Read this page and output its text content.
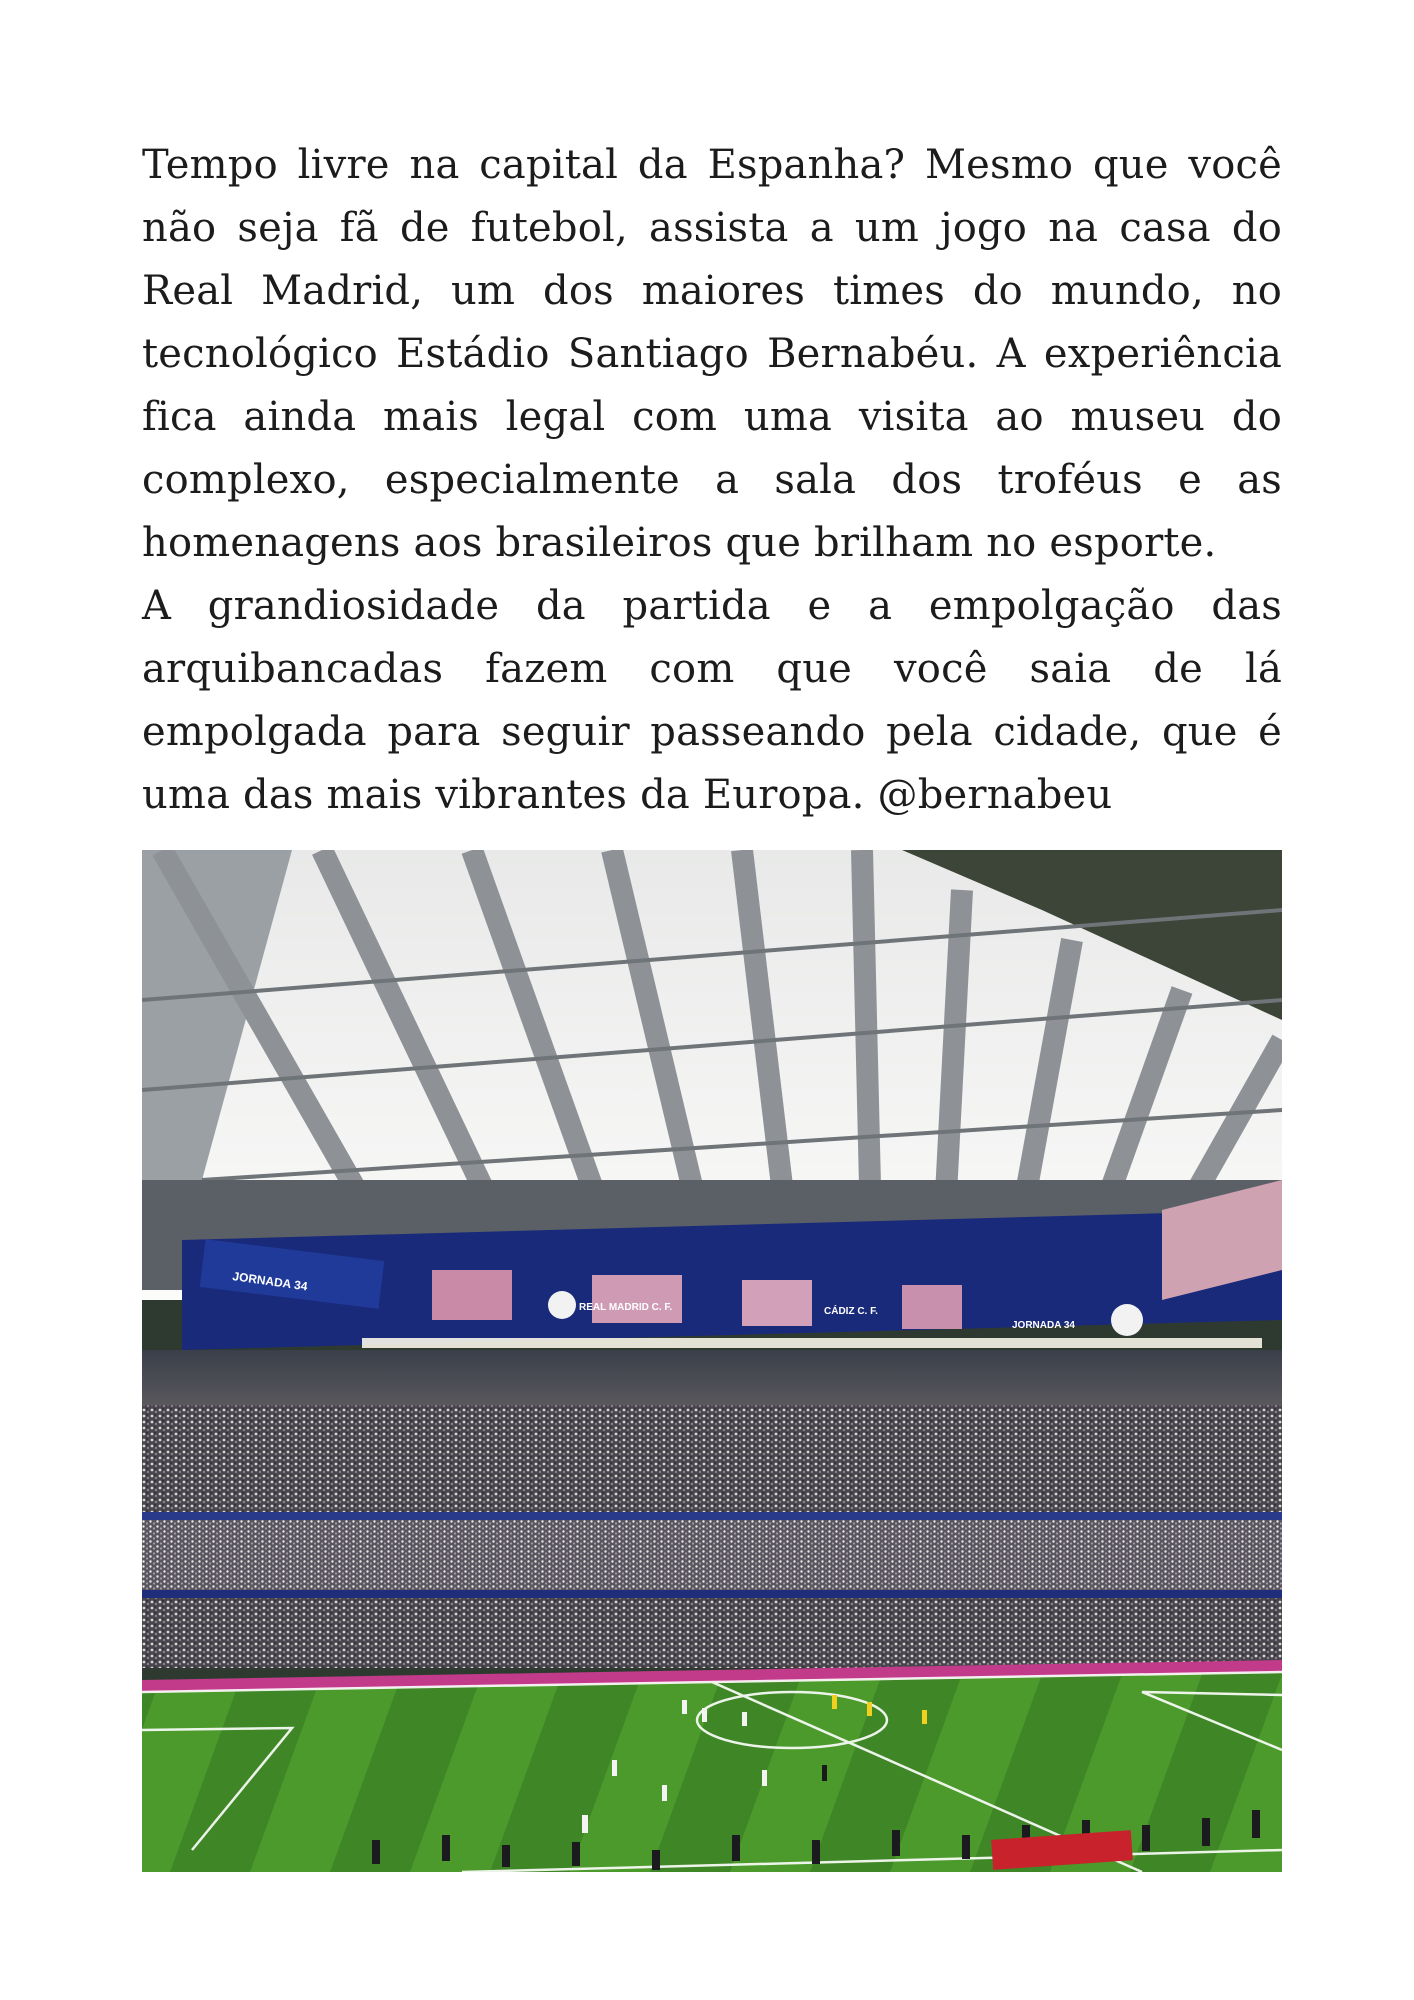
Tempo livre na capital da Espanha? Mesmo que você não seja fã de futebol, assista a um jogo na casa do Real Madrid, um dos maiores times do mundo, no tecnológico Estádio Santiago Bernabéu. A experiência fica ainda mais legal com uma visita ao museu do complexo, especialmente a sala dos troféus e as homenagens aos brasileiros que brilham no esporte.

A grandiosidade da partida e a empolgação das arquibancadas fazem com que você saia de lá empolgada para seguir passeando pela cidade, que é uma das mais vibrantes da Europa. @bernabeu

JORNADA 34
REAL MADRID C. F.	CÁDIZ C. F.
JORNADA 34
